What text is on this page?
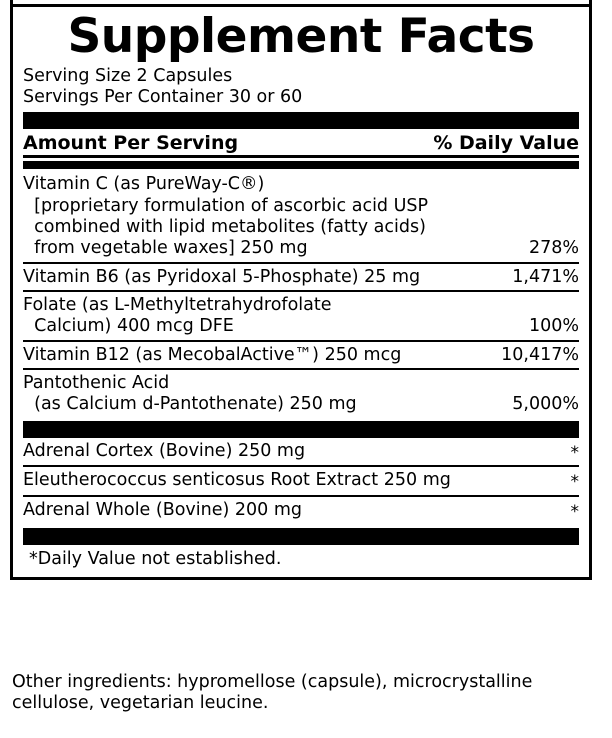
Supplement Facts
Serving Size 2 Capsules
Servings Per Container 30 or 60
Amount Per Serving	% Daily Value
Vitamin C (as PureWay-C®)
[proprietary formulation of ascorbic acid USP
combined with lipid metabolites (fatty acids)
from vegetable waxes] 250 mg	278%
Vitamin B6 (as Pyridoxal 5-Phosphate) 25 mg	1,471%
Folate (as L-Methyltetrahydrofolate
Calcium) 400 mcg DFE	100%
Vitamin B12 (as MecobalActive™) 250 mcg	10,417%
Pantothenic Acid
(as Calcium d-Pantothenate) 250 mg	5,000%
Adrenal Cortex (Bovine) 250 mg	*
Eleutherococcus senticosus Root Extract 250 mg	*
Adrenal Whole (Bovine) 200 mg	*
*Daily Value not established.
Other ingredients: hypromellose (capsule), microcrystalline cellulose, vegetarian leucine.
